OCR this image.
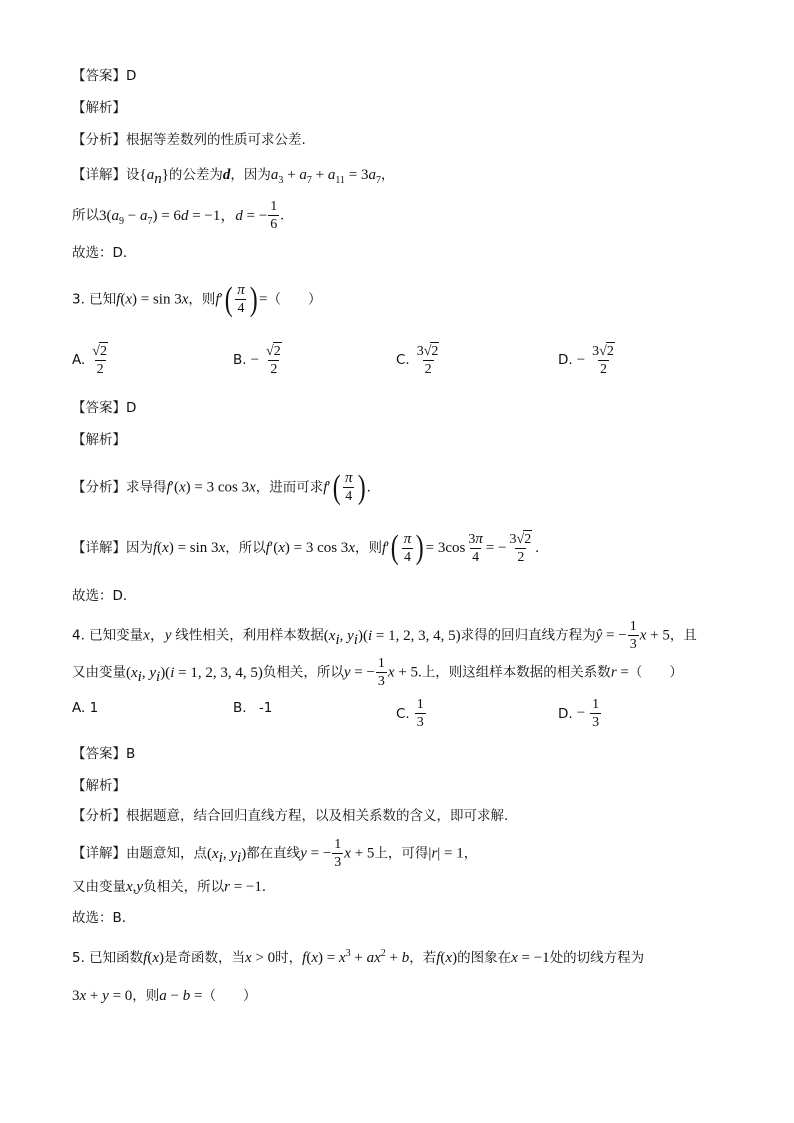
【答案】D
【解析】
【分析】根据等差数列的性质可求公差.
【详解】设$\{a_n\}$的公差为d，因为$a_3 + a_7 + a_{11} = 3a_7$，
所以$3(a_9 - a_7) = 6d = -1$，d = − $\frac{1}{6}$ .
故选：D．
3. 已知f(x) = sin 3x，则$f'( \frac{\pi}{4}$ ) =（　　）
A. $\frac{√2}{2}$	B. − $\frac{√2}{2}$	C. $\frac{3√2}{2}$	D. − $\frac{3√2}{2}$
【答案】D
【解析】
【分析】求导得f′(x) = 3 cos 3x，进而可求$f'( \frac{\pi}{4}$ ) .
【详解】因为f(x) = sin 3x，所以f′(x) = 3 cos 3x，则$f'( \frac{\pi}{4}$ ) = $3\cos \frac{3\pi}{4}$ = − $\frac{3√2}{2}$ .
故选：D．
4. 已知变量x，y 线性相关，利用样本数据($x_i$, $y_i)(i = 1$, 2, 3, 4, 5)求得的回归直线方程为ŷ = − $\frac{1}{3}$ x + 5，且
又由变量($x_i$, $y_i)(i = 1$, 2, 3, 4, 5)负相关，所以y = − $\frac{1}{3}$ x + 5.上，则这组样本数据的相关系数r =（　　）
A. 1	B.
-1	C. $\frac{1}{3}$	D. − $\frac{1}{3}$
【答案】B
【解析】
【分析】根据题意，结合回归直线方程，以及相关系数的含义，即可求解.
【详解】由题意知，点($x_i$, $y_i$)都在直线y = − $\frac{1}{3}$ x + 5上，可得|r| = 1，
又由变量x,y负相关，所以r = −1．
故选：B．
5. 已知函数f(x)是奇函数，当x > 0时，$f(x) = x^3 + ax^2 + b$，若f(x)的图象在x = −1处的切线方程为
3x + y = 0，则a − b =（　　）
